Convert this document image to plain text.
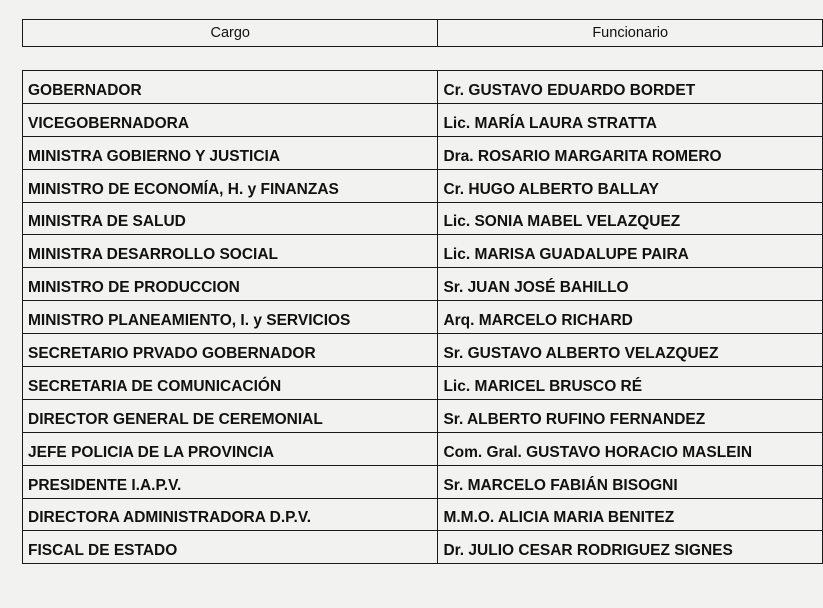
Cargo	Funcionario
GOBERNADOR	Cr. GUSTAVO EDUARDO BORDET
VICEGOBERNADORA	Lic. MARÍA LAURA STRATTA
MINISTRA GOBIERNO Y JUSTICIA	Dra. ROSARIO MARGARITA ROMERO
MINISTRO DE ECONOMÍA, H. y FINANZAS	Cr. HUGO ALBERTO BALLAY
MINISTRA DE SALUD	Lic. SONIA MABEL VELAZQUEZ
MINISTRA DESARROLLO SOCIAL	Lic. MARISA GUADALUPE PAIRA
MINISTRO DE PRODUCCION	Sr. JUAN JOSÉ BAHILLO
MINISTRO PLANEAMIENTO, I. y SERVICIOS	Arq. MARCELO RICHARD
SECRETARIO PRVADO GOBERNADOR	Sr. GUSTAVO ALBERTO VELAZQUEZ
SECRETARIA DE COMUNICACIÓN	Lic. MARICEL BRUSCO RÉ
DIRECTOR GENERAL DE CEREMONIAL	Sr. ALBERTO RUFINO FERNANDEZ
JEFE POLICIA DE LA PROVINCIA	Com. Gral. GUSTAVO HORACIO MASLEIN
PRESIDENTE I.A.P.V.	Sr. MARCELO FABIÁN BISOGNI
DIRECTORA ADMINISTRADORA D.P.V.	M.M.O. ALICIA MARIA BENITEZ
FISCAL DE ESTADO	Dr. JULIO CESAR RODRIGUEZ SIGNES
